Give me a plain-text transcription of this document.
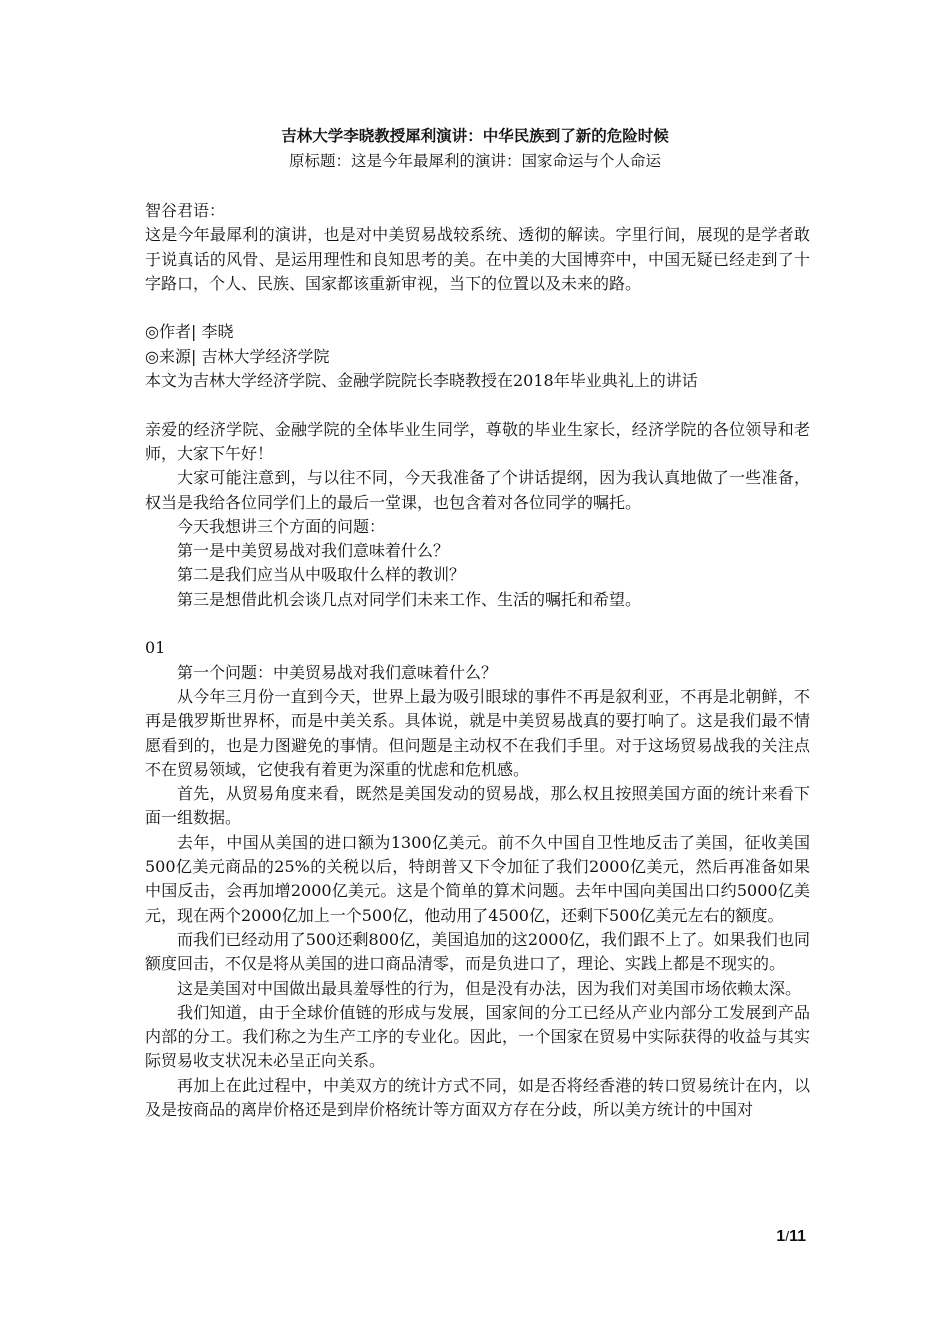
吉林大学李晓教授犀利演讲：中华民族到了新的危险时候
原标题：这是今年最犀利的演讲：国家命运与个人命运

智谷君语：

这是今年最犀利的演讲，也是对中美贸易战较系统、透彻的解读。字里行间，展现的是学者敢于说真话的风骨、是运用理性和良知思考的美。在中美的大国博弈中，中国无疑已经走到了十字路口，个人、民族、国家都该重新审视，当下的位置以及未来的路。

◎作者| 李晓

◎来源| 吉林大学经济学院

本文为吉林大学经济学院、金融学院院长李晓教授在2018年毕业典礼上的讲话

亲爱的经济学院、金融学院的全体毕业生同学，尊敬的毕业生家长，经济学院的各位领导和老师，大家下午好！

大家可能注意到，与以往不同，今天我准备了个讲话提纲，因为我认真地做了一些准备，权当是我给各位同学们上的最后一堂课，也包含着对各位同学的嘱托。

今天我想讲三个方面的问题：

第一是中美贸易战对我们意味着什么？

第二是我们应当从中吸取什么样的教训？

第三是想借此机会谈几点对同学们未来工作、生活的嘱托和希望。

01

第一个问题：中美贸易战对我们意味着什么？

从今年三月份一直到今天，世界上最为吸引眼球的事件不再是叙利亚，不再是北朝鲜，不再是俄罗斯世界杯，而是中美关系。具体说，就是中美贸易战真的要打响了。这是我们最不情愿看到的，也是力图避免的事情。但问题是主动权不在我们手里。对于这场贸易战我的关注点不在贸易领域，它使我有着更为深重的忧虑和危机感。

首先，从贸易角度来看，既然是美国发动的贸易战，那么权且按照美国方面的统计来看下面一组数据。

去年，中国从美国的进口额为1300亿美元。前不久中国自卫性地反击了美国，征收美国500亿美元商品的25%的关税以后，特朗普又下令加征了我们2000亿美元，然后再准备如果中国反击，会再加增2000亿美元。这是个简单的算术问题。去年中国向美国出口约5000亿美元，现在两个2000亿加上一个500亿，他动用了4500亿，还剩下500亿美元左右的额度。

而我们已经动用了500还剩800亿，美国追加的这2000亿，我们跟不上了。如果我们也同额度回击，不仅是将从美国的进口商品清零，而是负进口了，理论、实践上都是不现实的。

这是美国对中国做出最具羞辱性的行为，但是没有办法，因为我们对美国市场依赖太深。

我们知道，由于全球价值链的形成与发展，国家间的分工已经从产业内部分工发展到产品内部的分工。我们称之为生产工序的专业化。因此，一个国家在贸易中实际获得的收益与其实际贸易收支状况未必呈正向关系。

再加上在此过程中，中美双方的统计方式不同，如是否将经香港的转口贸易统计在内，以及是按商品的离岸价格还是到岸价格统计等方面双方存在分歧，所以美方统计的中国对

1/11
